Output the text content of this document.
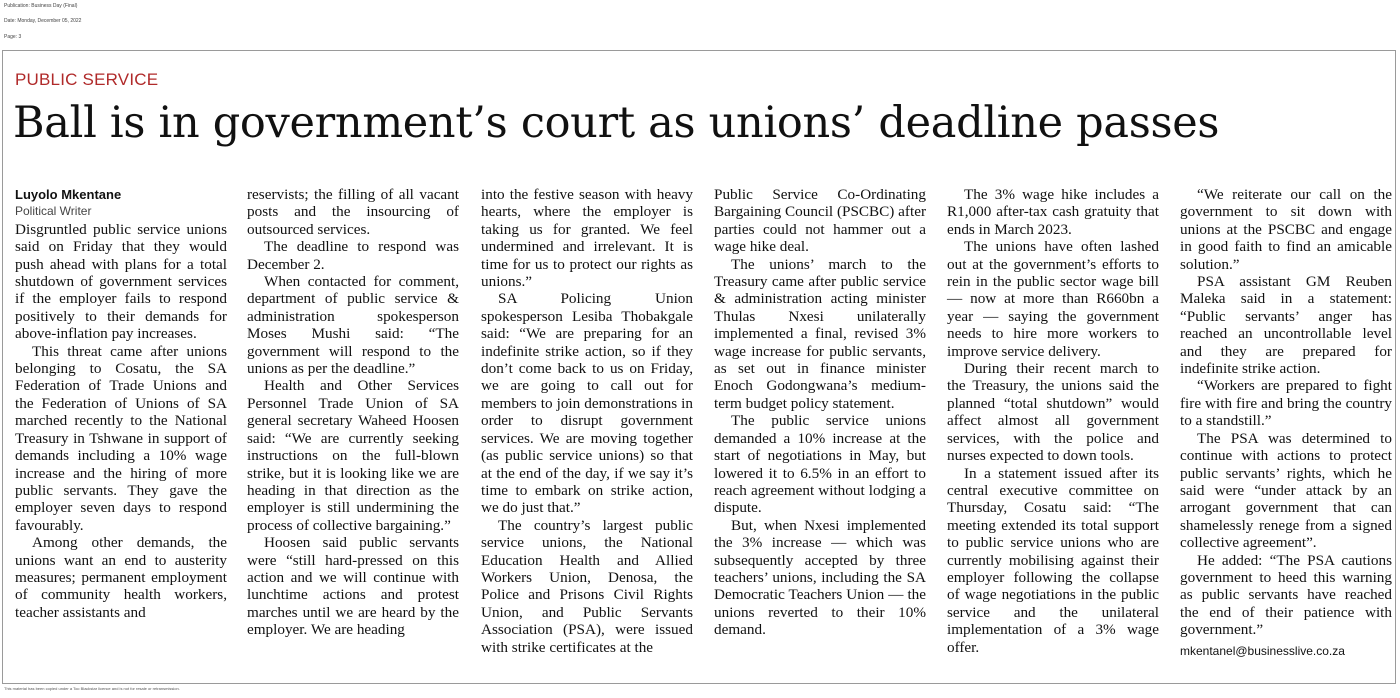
Publication: Business Day (Final)
Date: Monday, December 05, 2022
Page: 3
PUBLIC SERVICE
Ball is in government’s court as unions’ deadline passes

Luyolo Mkentane

Political Writer

Disgruntled public service unions said on Friday that they would push ahead with plans for a total shutdown of government services if the employer fails to respond positively to their demands for above-inflation pay increases.

This threat came after unions belonging to Cosatu, the SA Federation of Trade Unions and the Federation of Unions of SA marched recently to the National Treasury in Tshwane in support of demands including a 10% wage increase and the hiring of more public servants. They gave the employer seven days to respond favourably.

Among other demands, the unions want an end to austerity measures; permanent employment of community health workers, teacher assistants and

reservists; the filling of all vacant posts and the insourcing of outsourced services.

The deadline to respond was December 2.

When contacted for comment, department of public service & administration spokesperson Moses Mushi said: “The government will respond to the unions as per the deadline.”

Health and Other Services Personnel Trade Union of SA general secretary Waheed Hoosen said: “We are currently seeking instructions on the full-blown strike, but it is looking like we are heading in that direction as the employer is still undermining the process of collective bargaining.”

Hoosen said public servants were “still hard-pressed on this action and we will continue with lunchtime actions and protest marches until we are heard by the employer. We are heading

into the festive season with heavy hearts, where the employer is taking us for granted. We feel undermined and irrelevant. It is time for us to protect our rights as unions.”

SA Policing Union spokesperson Lesiba Thobakgale said: “We are preparing for an indefinite strike action, so if they don’t come back to us on Friday, we are going to call out for members to join demonstrations in order to disrupt government services. We are moving together (as public service unions) so that at the end of the day, if we say it’s time to embark on strike action, we do just that.”

The country’s largest public service unions, the National Education Health and Allied Workers Union, Denosa, the Police and Prisons Civil Rights Union, and Public Servants Association (PSA), were issued with strike certificates at the

Public Service Co-Ordinating Bargaining Council (PSCBC) after parties could not hammer out a wage hike deal.

The unions’ march to the Treasury came after public service & administration acting minister Thulas Nxesi unilaterally implemented a final, revised 3% wage increase for public servants, as set out in finance minister Enoch Godongwana’s medium-term budget policy statement.

The public service unions demanded a 10% increase at the start of negotiations in May, but lowered it to 6.5% in an effort to reach agreement without lodging a dispute.

But, when Nxesi implemented the 3% increase — which was subsequently accepted by three teachers’ unions, including the SA Democratic Teachers Union — the unions reverted to their 10% demand.

The 3% wage hike includes a R1,000 after-tax cash gratuity that ends in March 2023.

The unions have often lashed out at the government’s efforts to rein in the public sector wage bill — now at more than R660bn a year — saying the government needs to hire more workers to improve service delivery.

During their recent march to the Treasury, the unions said the planned “total shutdown” would affect almost all government services, with the police and nurses expected to down tools.

In a statement issued after its central executive committee on Thursday, Cosatu said: “The meeting extended its total support to public service unions who are currently mobilising against their employer following the collapse of wage negotiations in the public service and the unilateral implementation of a 3% wage offer.

“We reiterate our call on the government to sit down with unions at the PSCBC and engage in good faith to find an amicable solution.”

PSA assistant GM Reuben Maleka said in a statement: “Public servants’ anger has reached an uncontrollable level and they are prepared for indefinite strike action.

“Workers are prepared to fight fire with fire and bring the country to a standstill.”

The PSA was determined to continue with actions to protect public servants’ rights, which he said were “under attack by an arrogant government that can shamelessly renege from a signed collective agreement”.

He added: “The PSA cautions government to heed this warning as public servants have reached the end of their patience with government.”

mkentanel@businesslive.co.za
This material has been copied under a Too Blackstar licence and is not for resale or retransmission.
